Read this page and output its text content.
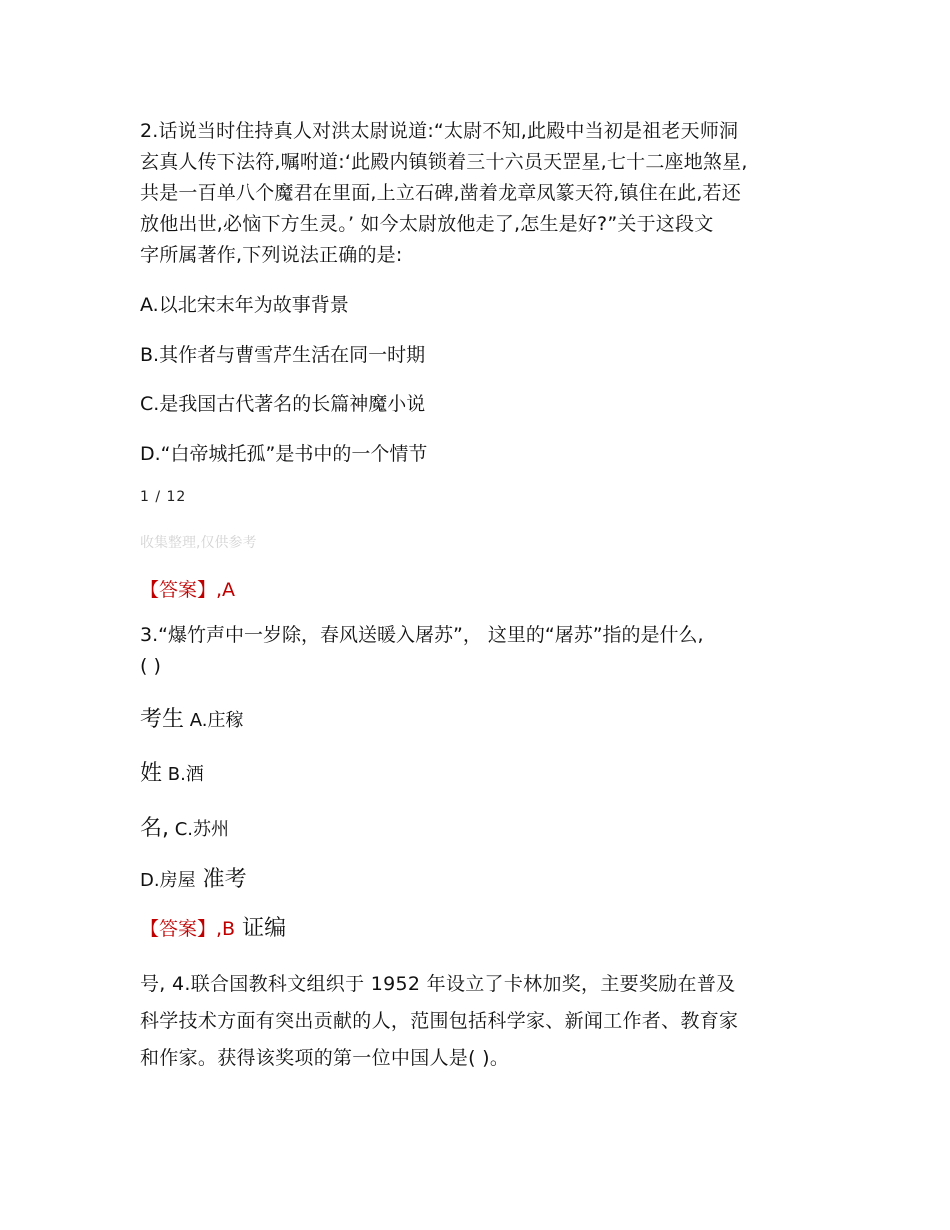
2.话说当时住持真人对洪太尉说道:“太尉不知,此殿中当初是祖老天师洞

玄真人传下法符,嘱咐道:‘此殿内镇锁着三十六员天罡星,七十二座地煞星,

共是一百单八个魔君在里面,上立石碑,凿着龙章凤篆天符,镇住在此,若还

放他出世,必恼下方生灵。’ 如今太尉放他走了,怎生是好?”关于这段文

字所属著作,下列说法正确的是:

A.以北宋末年为故事背景
B.其作者与曹雪芹生活在同一时期
C.是我国古代著名的长篇神魔小说
D.“白帝城托孤”是书中的一个情节
1 / 12
收集整理,仅供参考
【答案】,A

3.“爆竹声中一岁除，春风送暖入屠苏”， 这里的“屠苏”指的是什么,

( )

考生 A.庄稼
姓 B.酒
名, C.苏州
D.房屋 准考
【答案】,B 证编

号, 4.联合国教科文组织于 1952 年设立了卡林加奖，主要奖励在普及

科学技术方面有突出贡献的人，范围包括科学家、新闻工作者、教育家

和作家。获得该奖项的第一位中国人是( )。
